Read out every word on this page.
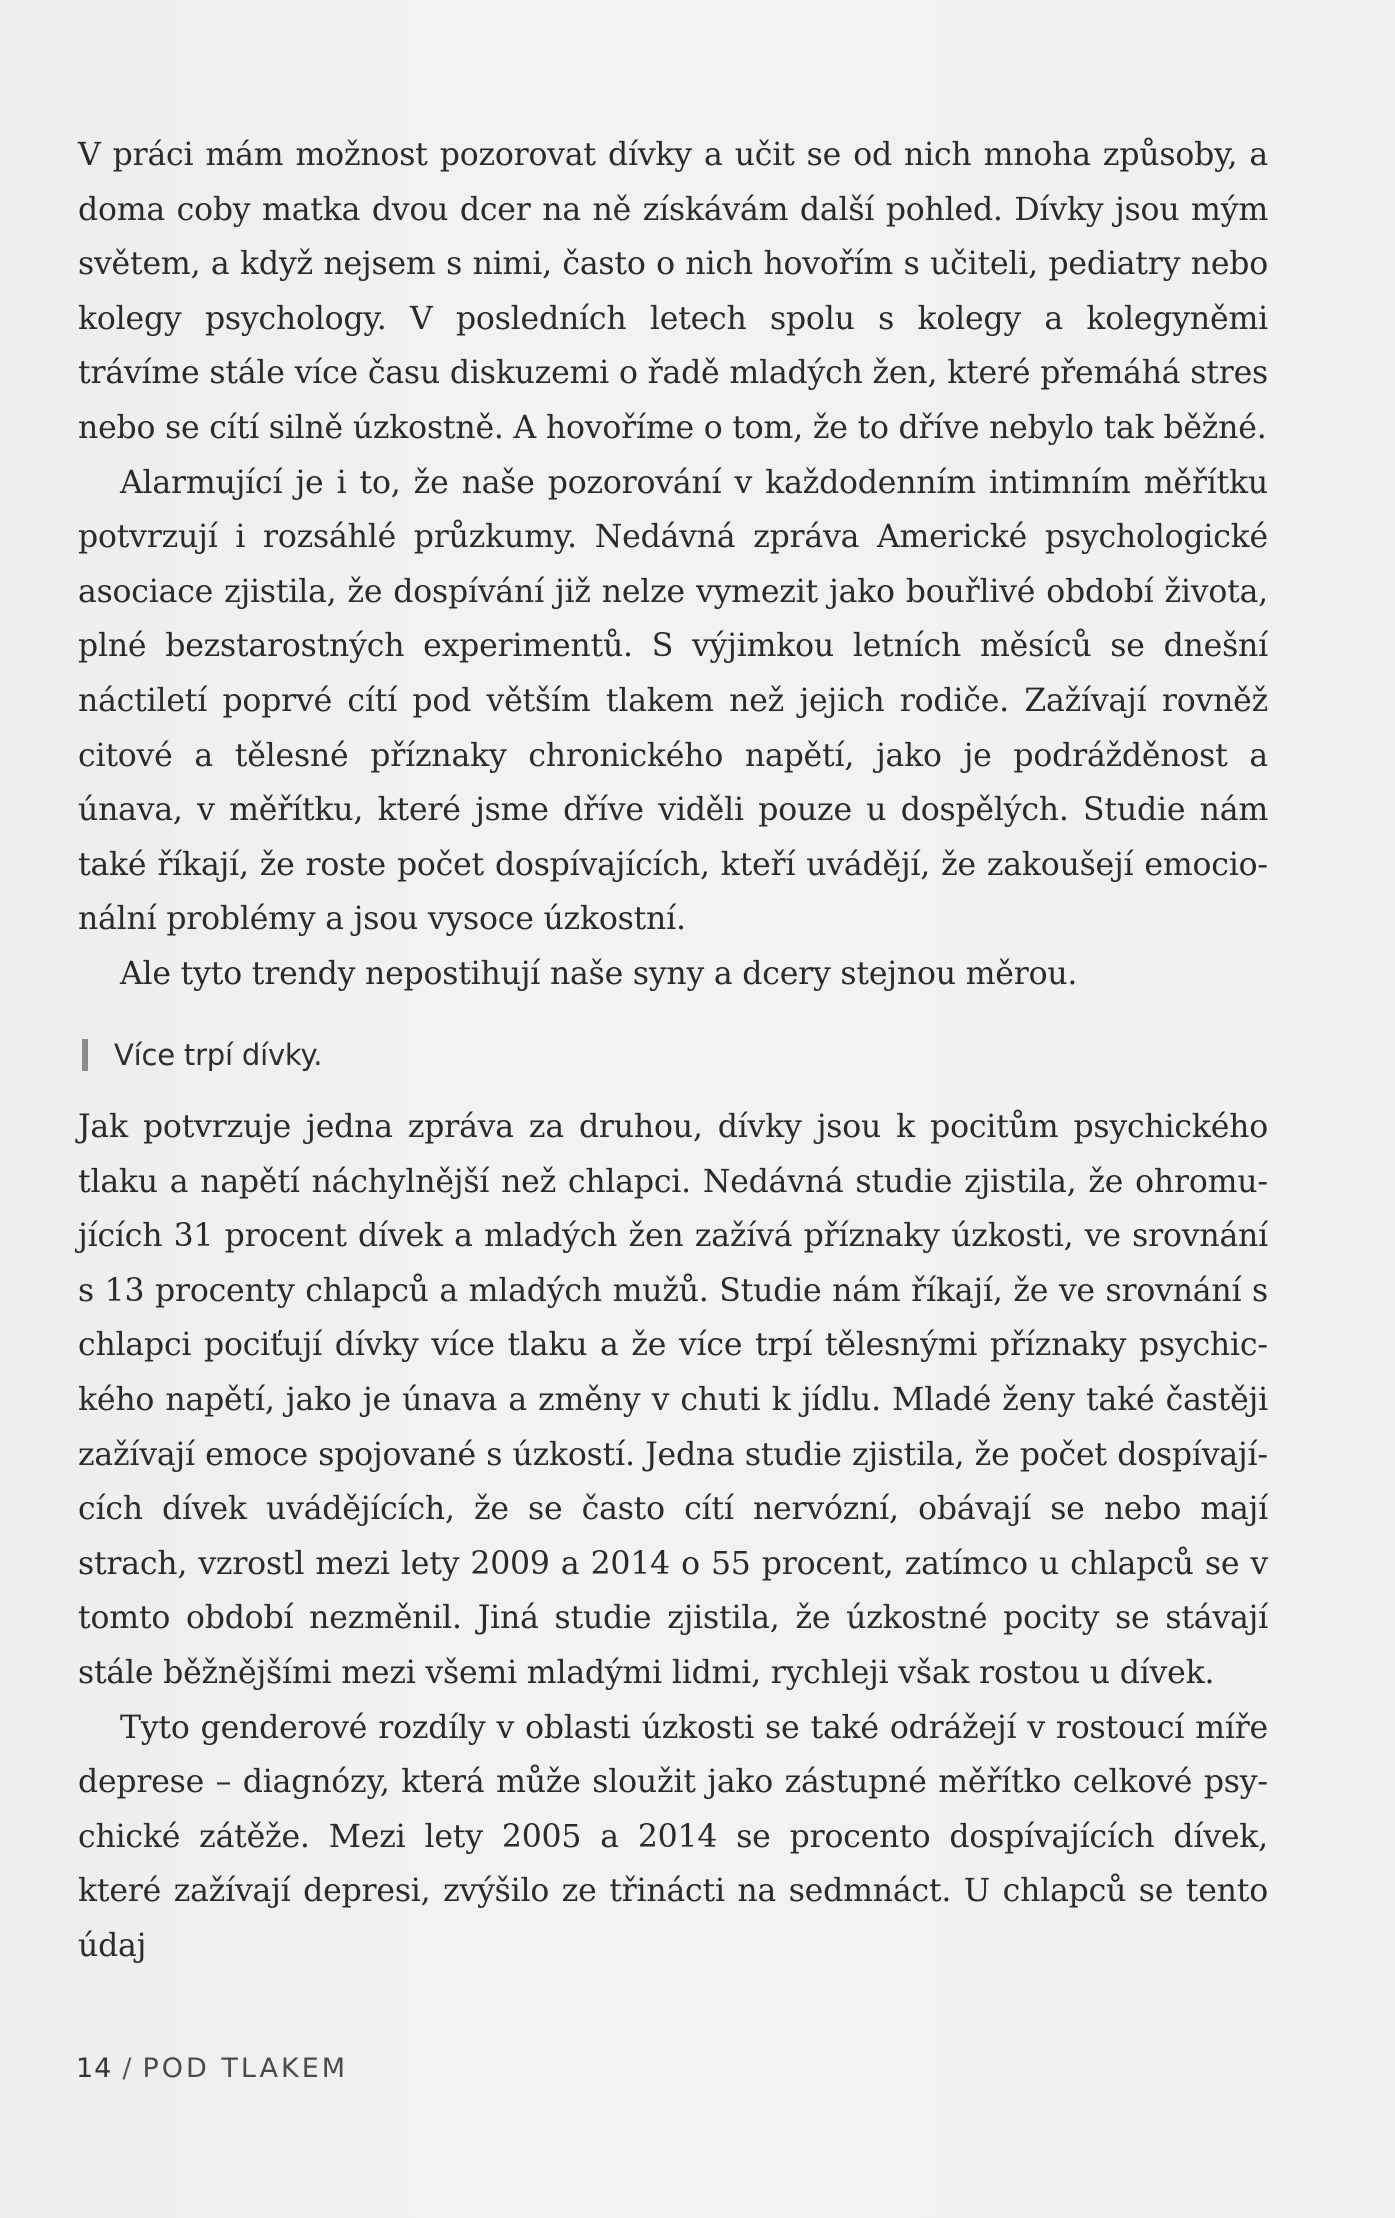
V práci mám možnost pozorovat dívky a učit se od nich mnoha způsoby, a doma coby matka dvou dcer na ně získávám další pohled. Dívky jsou mým světem, a když nejsem s nimi, často o nich hovořím s učiteli, pediatry nebo kolegy psychology. V posledních letech spolu s kolegy a kolegyněmi trávíme stále více času diskuzemi o řadě mladých žen, které přemáhá stres nebo se cítí silně úzkostně. A hovoříme o tom, že to dříve nebylo tak běžné.

Alarmující je i to, že naše pozorování v každodenním intimním měřítku potvrzují i rozsáhlé průzkumy. Nedávná zpráva Americké psychologické asociace zjistila, že dospívání již nelze vymezit jako bouřlivé období života, plné bezstarostných experimentů. S výjimkou letních měsíců se dnešní náctiletí poprvé cítí pod větším tlakem než jejich rodiče. Zažívají rovněž citové a tělesné příznaky chronického napětí, jako je podrážděnost a únava, v měřítku, které jsme dříve viděli pouze u dospělých. Studie nám také říkají, že roste počet dospívajících, kteří uvádějí, že zakoušejí emocionální problémy a jsou vysoce úzkostní.

Ale tyto trendy nepostihují naše syny a dcery stejnou měrou.

Více trpí dívky.

Jak potvrzuje jedna zpráva za druhou, dívky jsou k pocitům psychického tlaku a napětí náchylnější než chlapci. Nedávná studie zjistila, že ohromujících 31 procent dívek a mladých žen zažívá příznaky úzkosti, ve srovnání s 13 procenty chlapců a mladých mužů. Studie nám říkají, že ve srovnání s chlapci pociťují dívky více tlaku a že více trpí tělesnými příznaky psychického napětí, jako je únava a změny v chuti k jídlu. Mladé ženy také častěji zažívají emoce spojované s úzkostí. Jedna studie zjistila, že počet dospívajících dívek uvádějících, že se často cítí nervózní, obávají se nebo mají strach, vzrostl mezi lety 2009 a 2014 o 55 procent, zatímco u chlapců se v tomto období nezměnil. Jiná studie zjistila, že úzkostné pocity se stávají stále běžnějšími mezi všemi mladými lidmi, rychleji však rostou u dívek.

Tyto genderové rozdíly v oblasti úzkosti se také odrážejí v rostoucí míře deprese – diagnózy, která může sloužit jako zástupné měřítko celkové psychické zátěže. Mezi lety 2005 a 2014 se procento dospívajících dívek, které zažívají depresi, zvýšilo ze třinácti na sedmnáct. U chlapců se tento údaj

14 / POD TLAKEM
